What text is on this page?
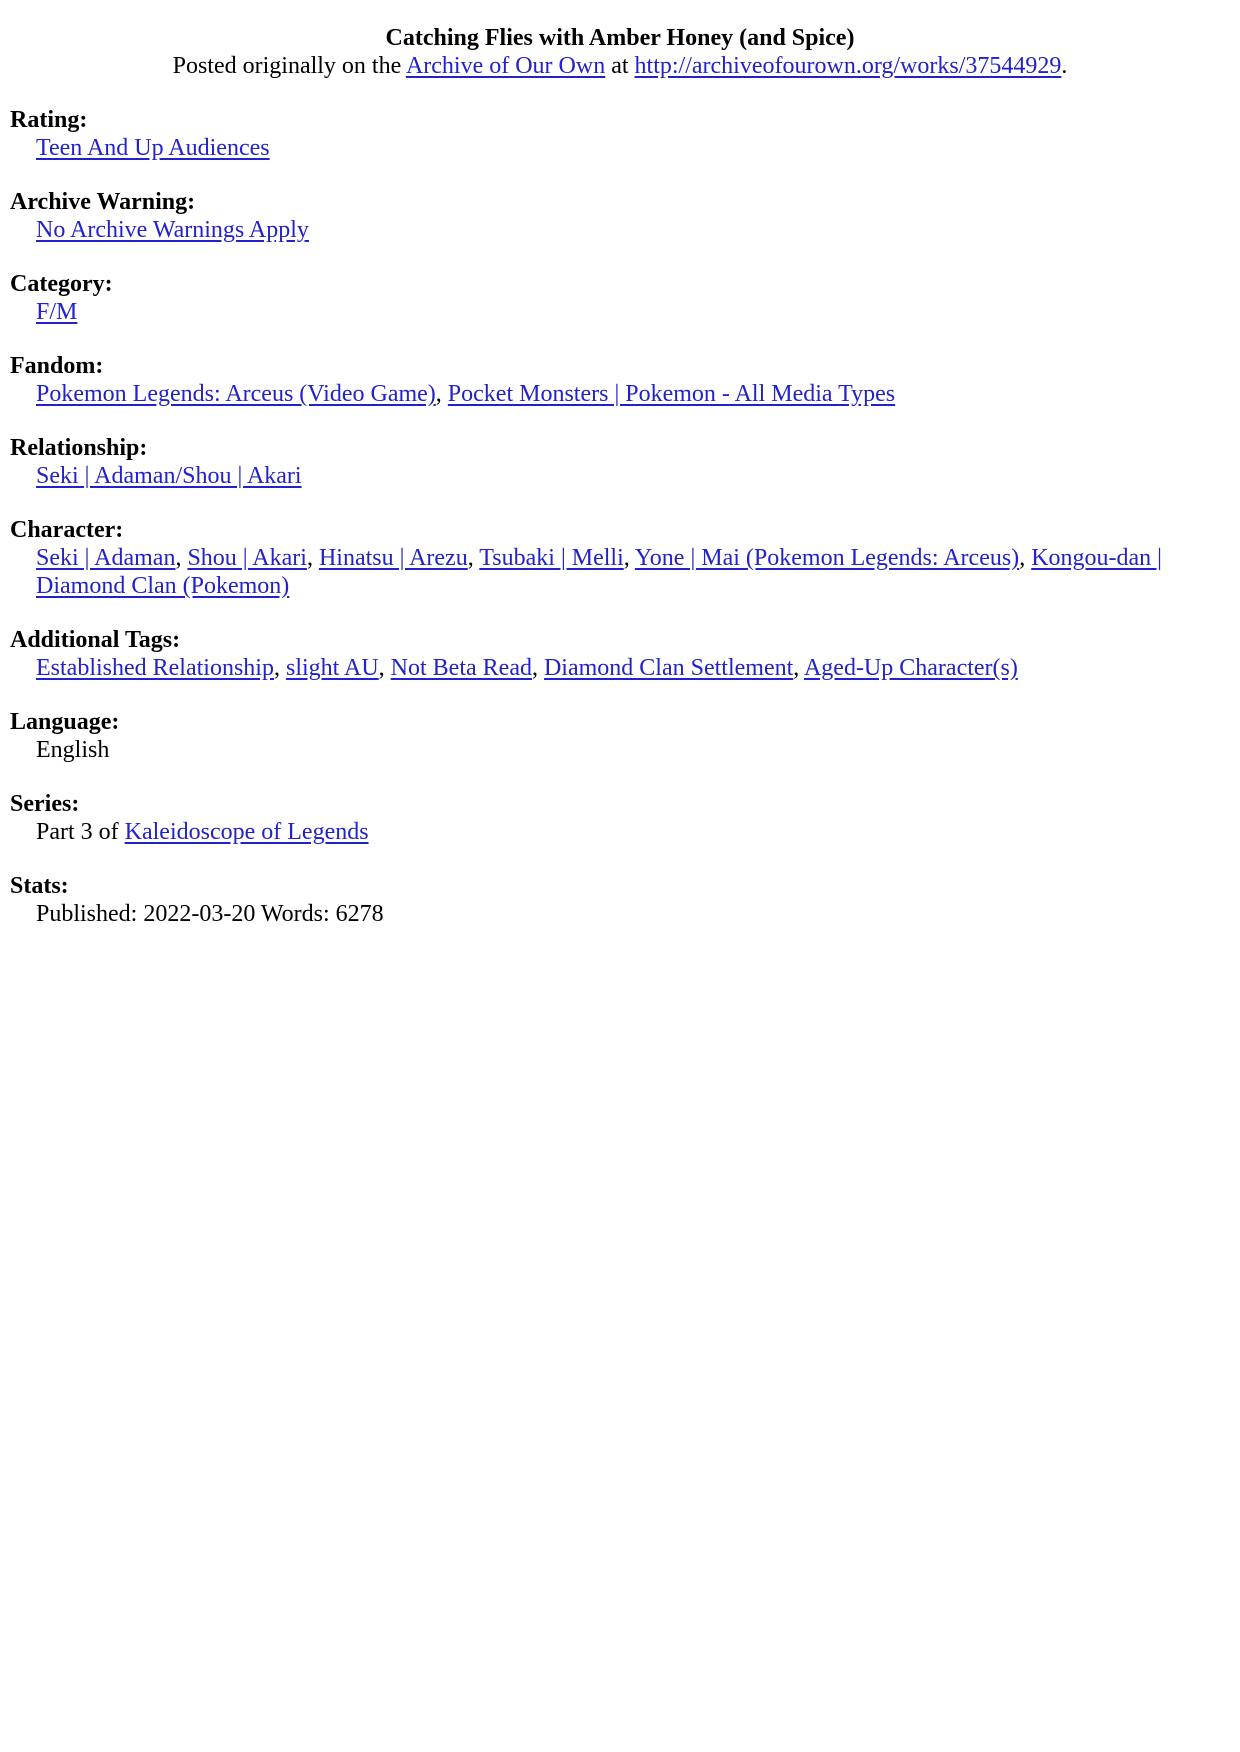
Catching Flies with Amber Honey (and Spice)
Posted originally on the Archive of Our Own at http://archiveofourown.org/works/37544929.
Rating:
Teen And Up Audiences
Archive Warning:
No Archive Warnings Apply
Category:
F/M
Fandom:
Pokemon Legends: Arceus (Video Game), Pocket Monsters | Pokemon - All Media Types
Relationship:
Seki | Adaman/Shou | Akari
Character:
Seki | Adaman, Shou | Akari, Hinatsu | Arezu, Tsubaki | Melli, Yone | Mai (Pokemon Legends: Arceus), Kongou-dan | Diamond Clan (Pokemon)
Additional Tags:
Established Relationship, slight AU, Not Beta Read, Diamond Clan Settlement, Aged-Up Character(s)
Language:
English
Series:
Part 3 of Kaleidoscope of Legends
Stats:
Published: 2022-03-20 Words: 6278
